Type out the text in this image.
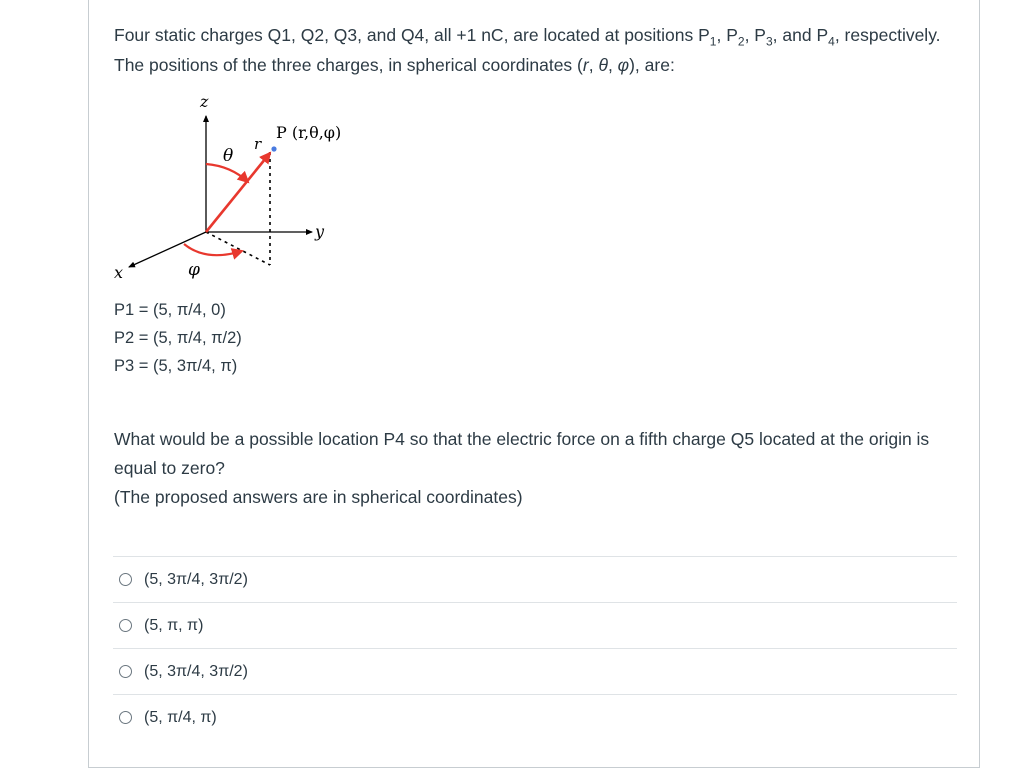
Four static charges Q1, Q2, Q3, and Q4, all +1 nC, are located at positions $P_1$, $P_2$, $P_3$, and $P_4$, respectively. The positions of the three charges, in spherical coordinates (r, θ, φ), are:

z
y
x
θ
φ
r
P (r,θ,φ)
P1 = (5, π/4, 0)
P2 = (5, π/4, π/2)
P3 = (5, 3π/4, π)

What would be a possible location P4 so that the electric force on a fifth charge Q5 located at the origin is equal to zero?

(The proposed answers are in spherical coordinates)

(5, 3π/4, 3π/2)
(5, π, π)
(5, 3π/4, 3π/2)
(5, π/4, π)
